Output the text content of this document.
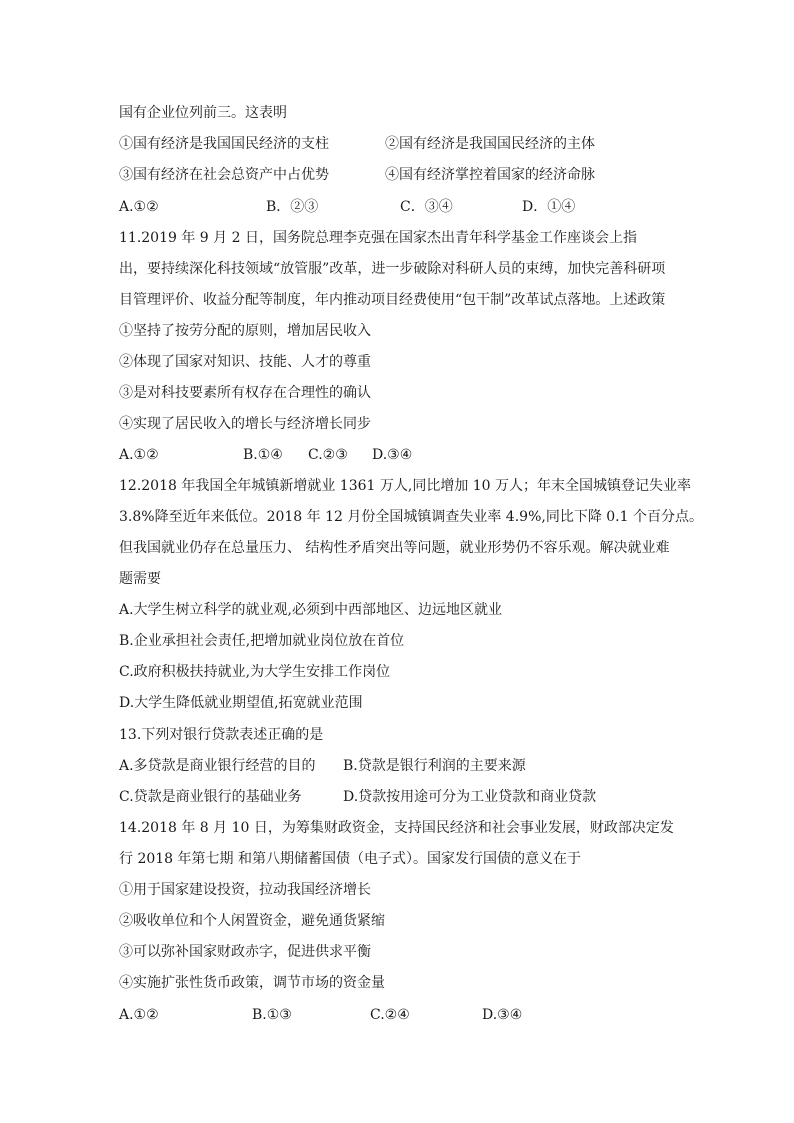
国有企业位列前三。这表明
①国有经济是我国国民经济的支柱	②国有经济是我国国民经济的主体
③国有经济在社会总资产中占优势	④国有经济掌控着国家的经济命脉
A.①②	B．②③	C．③④	D．①④
11.2019 年 9 月 2 日，国务院总理李克强在国家杰出青年科学基金工作座谈会上指
出，要持续深化科技领域“放管服”改革，进一步破除对科研人员的束缚，加快完善科研项
目管理评价、收益分配等制度，年内推动项目经费使用“包干制”改革试点落地。上述政策
①坚持了按劳分配的原则，增加居民收入
②体现了国家对知识、技能、人才的尊重
③是对科技要素所有权存在合理性的确认
④实现了居民收入的增长与经济增长同步
A.①②	B.①④ C.②③ D.③④
12.2018 年我国全年城镇新增就业 1361 万人,同比增加 10 万人；年末全国城镇登记失业率
3.8%降至近年来低位。2018 年 12 月份全国城镇调查失业率 4.9%,同比下降 0.1 个百分点。
但我国就业仍存在总量压力、 结构性矛盾突出等问题，就业形势仍不容乐观。解决就业难
题需要
A.大学生树立科学的就业观,必须到中西部地区、边远地区就业
B.企业承担社会责任,把增加就业岗位放在首位
C.政府积极扶持就业,为大学生安排工作岗位
D.大学生降低就业期望值,拓宽就业范围
13.下列对银行贷款表述正确的是
A.多贷款是商业银行经营的目的 B.贷款是银行利润的主要来源
C.贷款是商业银行的基础业务	D.贷款按用途可分为工业贷款和商业贷款
14.2018 年 8 月 10 日，为筹集财政资金，支持国民经济和社会事业发展，财政部决定发
行 2018 年第七期 和第八期储蓄国债（电子式）。国家发行国债的意义在于
①用于国家建设投资，拉动我国经济增长
②吸收单位和个人闲置资金，避免通货紧缩
③可以弥补国家财政赤字，促进供求平衡
④实施扩张性货币政策，调节市场的资金量
A.①②	B.①③	C.②④	D.③④
